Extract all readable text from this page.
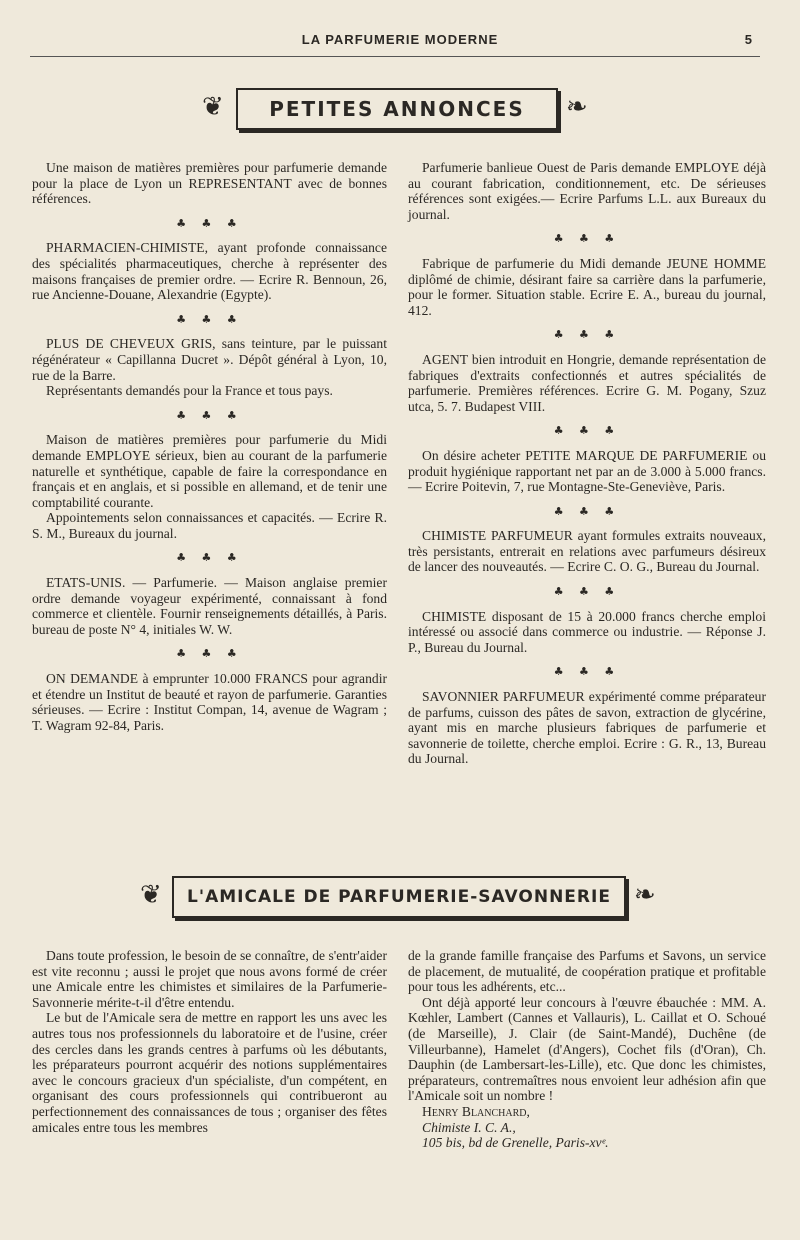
LA PARFUMERIE MODERNE	5
❦ PETITES ANNONCES ❧

Une maison de matières premières pour parfumerie demande pour la place de Lyon un REPRESENTANT avec de bonnes références.

♣ ♣ ♣

PHARMACIEN-CHIMISTE, ayant profonde connaissance des spécialités pharmaceutiques, cherche à représenter des maisons françaises de premier ordre. — Ecrire R. Bennoun, 26, rue Ancienne-Douane, Alexandrie (Egypte).

♣ ♣ ♣

PLUS DE CHEVEUX GRIS, sans teinture, par le puissant régénérateur « Capillanna Ducret ». Dépôt général à Lyon, 10, rue de la Barre.

Représentants demandés pour la France et tous pays.

♣ ♣ ♣

Maison de matières premières pour parfumerie du Midi demande EMPLOYE sérieux, bien au courant de la parfumerie naturelle et synthétique, capable de faire la correspondance en français et en anglais, et si possible en allemand, et de tenir une comptabilité courante.

Appointements selon connaissances et capacités. — Ecrire R. S. M., Bureaux du journal.

♣ ♣ ♣

ETATS-UNIS. — Parfumerie. — Maison anglaise premier ordre demande voyageur expérimenté, connaissant à fond commerce et clientèle. Fournir renseignements détaillés, à Paris. bureau de poste N° 4, initiales W. W.

♣ ♣ ♣

ON DEMANDE à emprunter 10.000 FRANCS pour agrandir et étendre un Institut de beauté et rayon de parfumerie. Garanties sérieuses. — Ecrire : Institut Compan, 14, avenue de Wagram ; T. Wagram 92-84, Paris.

Parfumerie banlieue Ouest de Paris demande EMPLOYE déjà au courant fabrication, conditionnement, etc. De sérieuses références sont exigées.— Ecrire Parfums L.L. aux Bureaux du journal.

♣ ♣ ♣

Fabrique de parfumerie du Midi demande JEUNE HOMME diplômé de chimie, désirant faire sa carrière dans la parfumerie, pour le former. Situation stable. Ecrire E. A., bureau du journal, 412.

♣ ♣ ♣

AGENT bien introduit en Hongrie, demande représentation de fabriques d'extraits confectionnés et autres spécialités de parfumerie. Premières références. Ecrire G. M. Pogany, Szuz utca, 5. 7. Budapest VIII.

♣ ♣ ♣

On désire acheter PETITE MARQUE DE PARFUMERIE ou produit hygiénique rapportant net par an de 3.000 à 5.000 francs. — Ecrire Poitevin, 7, rue Montagne-Ste-Geneviève, Paris.

♣ ♣ ♣

CHIMISTE PARFUMEUR ayant formules extraits nouveaux, très persistants, entrerait en relations avec parfumeurs désireux de lancer des nouveautés. — Ecrire C. O. G., Bureau du Journal.

♣ ♣ ♣

CHIMISTE disposant de 15 à 20.000 francs cherche emploi intéressé ou associé dans commerce ou industrie. — Réponse J. P., Bureau du Journal.

♣ ♣ ♣

SAVONNIER PARFUMEUR expérimenté comme préparateur de parfums, cuisson des pâtes de savon, extraction de glycérine, ayant mis en marche plusieurs fabriques de parfumerie et savonnerie de toilette, cherche emploi. Ecrire : G. R., 13, Bureau du Journal.

❦ L'AMICALE DE PARFUMERIE-SAVONNERIE ❧

Dans toute profession, le besoin de se connaître, de s'entr'aider est vite reconnu ; aussi le projet que nous avons formé de créer une Amicale entre les chimistes et similaires de la Parfumerie-Savonnerie mérite-t-il d'être entendu.

Le but de l'Amicale sera de mettre en rapport les uns avec les autres tous nos professionnels du laboratoire et de l'usine, créer des cercles dans les grands centres à parfums où les débutants, les préparateurs pourront acquérir des notions supplémentaires avec le concours gracieux d'un spécialiste, d'un compétent, en organisant des cours professionnels qui contribueront au perfectionnement des connaissances de tous ; organiser des fêtes amicales entre tous les membres

de la grande famille française des Parfums et Savons, un service de placement, de mutualité, de coopération pratique et profitable pour tous les adhérents, etc...

Ont déjà apporté leur concours à l'œuvre ébauchée : MM. A. Kœhler, Lambert (Cannes et Vallauris), L. Caillat et O. Schoué (de Marseille), J. Clair (de Saint-Mandé), Duchêne (de Villeurbanne), Hamelet (d'Angers), Cochet fils (d'Oran), Ch. Dauphin (de Lambersart-les-Lille), etc. Que donc les chimistes, préparateurs, contremaîtres nous envoient leur adhésion afin que l'Amicale soit un nombre !

Henry Blanchard,

Chimiste I. C. A.,

105 bis, bd de Grenelle, Paris-xvᵉ.
